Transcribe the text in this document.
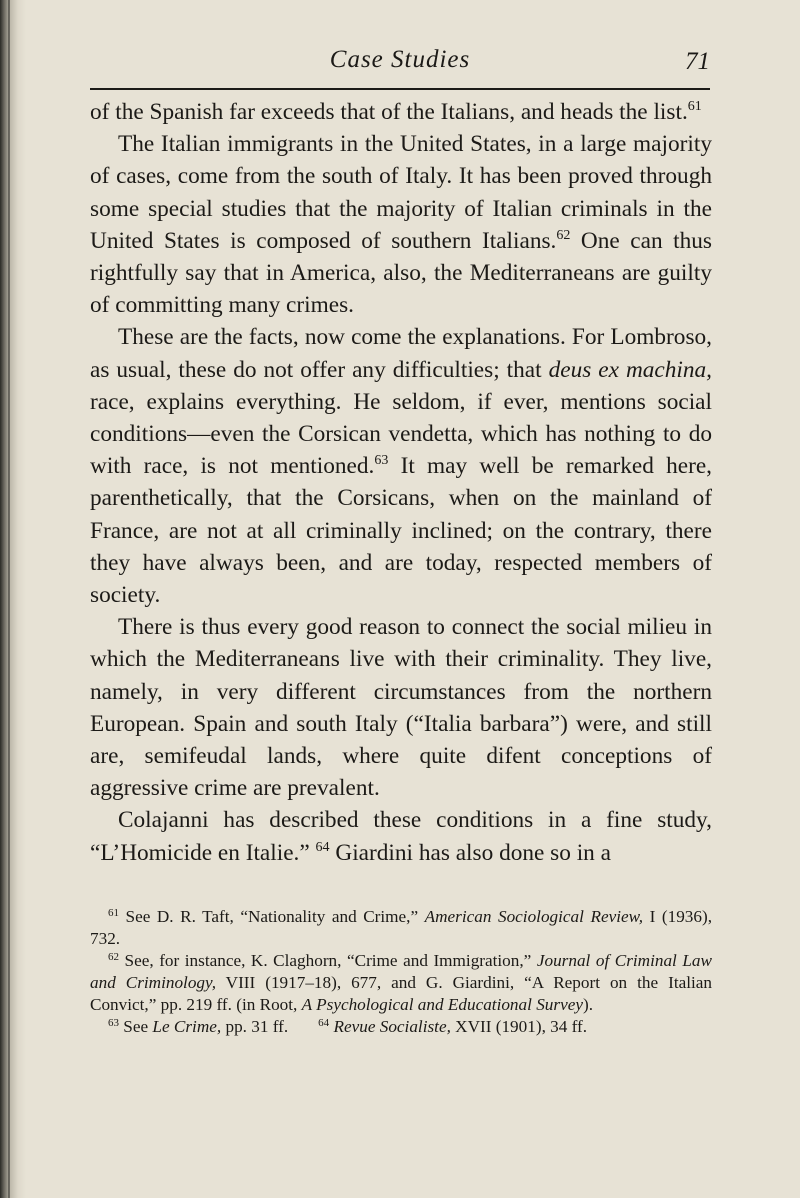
Case Studies	71

of the Spanish far exceeds that of the Italians, and heads the list.$^{61}$

The Italian immigrants in the United States, in a large majority of cases, come from the south of Italy. It has been proved through some special studies that the majority of Italian criminals in the United States is composed of southern Italians.$^{62}$ One can thus rightfully say that in America, also, the Mediterraneans are guilty of committing many crimes.

These are the facts, now come the explanations. For Lombroso, as usual, these do not offer any difficulties; that deus ex machina, race, explains everything. He seldom, if ever, mentions social conditions—even the Corsican vendetta, which has nothing to do with race, is not mentioned.$^{63}$ It may well be remarked here, parenthetically, that the Corsicans, when on the mainland of France, are not at all criminally inclined; on the contrary, there they have always been, and are today, respected members of society.

There is thus every good reason to connect the social milieu in which the Mediterraneans live with their criminality. They live, namely, in very different circumstances from the northern European. Spain and south Italy (“Italia barbara”) were, and still are, semifeudal lands, where quite difent conceptions of aggressive crime are prevalent.

Colajanni has described these conditions in a fine study, “L’Homicide en Italie.” $^{64}$ Giardini has also done so in a

$^{61}$ See D. R. Taft, “Nationality and Crime,” American Sociological Review, I (1936), 732.

$^{62}$ See, for instance, K. Claghorn, “Crime and Immigration,” Journal of Criminal Law and Criminology, VIII (1917–18), 677, and G. Giardini, “A Report on the Italian Convict,” pp. 219 ff. (in Root, A Psychological and Educational Survey).

$^{63}$ See Le Crime, pp. 31 ff.	$^{64}$ Revue Socialiste, XVII (1901), 34 ff.
